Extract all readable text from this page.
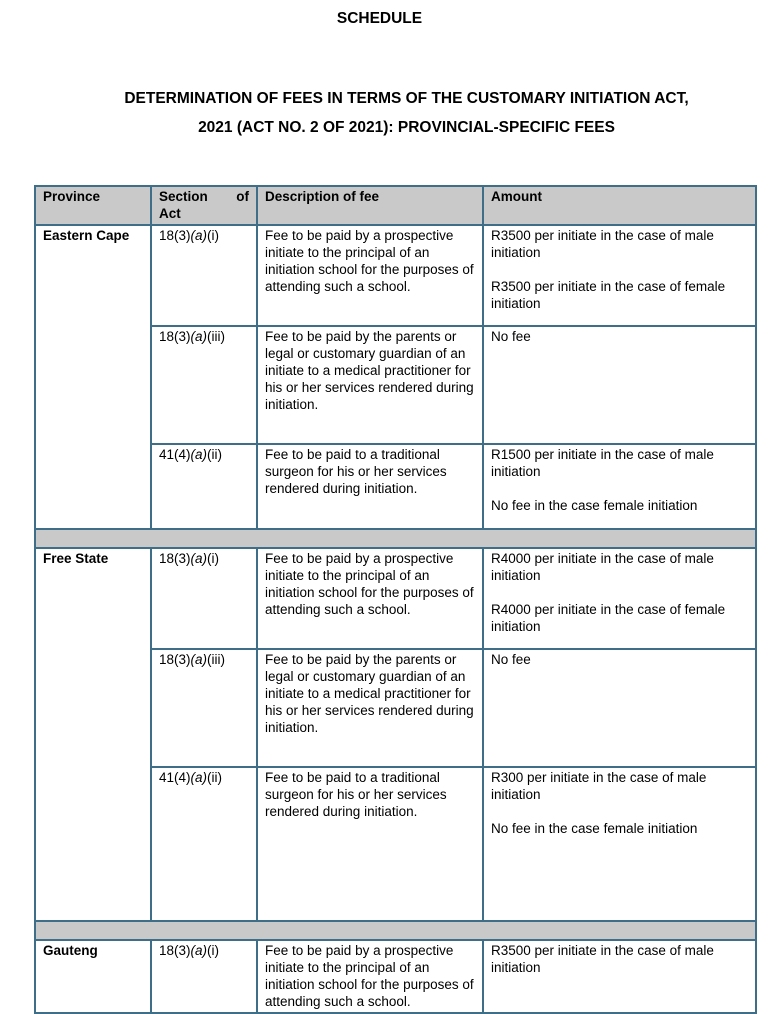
SCHEDULE
DETERMINATION OF FEES IN TERMS OF THE CUSTOMARY INITIATION ACT,
2021 (ACT NO. 2 OF 2021): PROVINCIAL-SPECIFIC FEES
Province	Section of Act	Description of fee	Amount
Eastern Cape	18(3)(a)(i)	Fee to be paid by a prospective initiate to the principal of an initiation school for the purposes of attending such a school.	R3500 per initiate in the case of male initiation
R3500 per initiate in the case of female initiation

	18(3)(a)(iii)	Fee to be paid by the parents or legal or customary guardian of an initiate to a medical practitioner for his or her services rendered during initiation.	No fee

	41(4)(a)(ii)	Fee to be paid to a traditional surgeon for his or her services rendered during initiation.	R1500 per initiate in the case of male initiation
No fee in the case female initiation

Free State	18(3)(a)(i)	Fee to be paid by a prospective initiate to the principal of an initiation school for the purposes of attending such a school.	R4000 per initiate in the case of male initiation
R4000 per initiate in the case of female initiation

	18(3)(a)(iii)	Fee to be paid by the parents or legal or customary guardian of an initiate to a medical practitioner for his or her services rendered during initiation.	No fee

	41(4)(a)(ii)	Fee to be paid to a traditional surgeon for his or her services rendered during initiation.	R300 per initiate in the case of male initiation
No fee in the case female initiation

Gauteng	18(3)(a)(i)	Fee to be paid by a prospective initiate to the principal of an initiation school for the purposes of attending such a school.	R3500 per initiate in the case of male initiation
